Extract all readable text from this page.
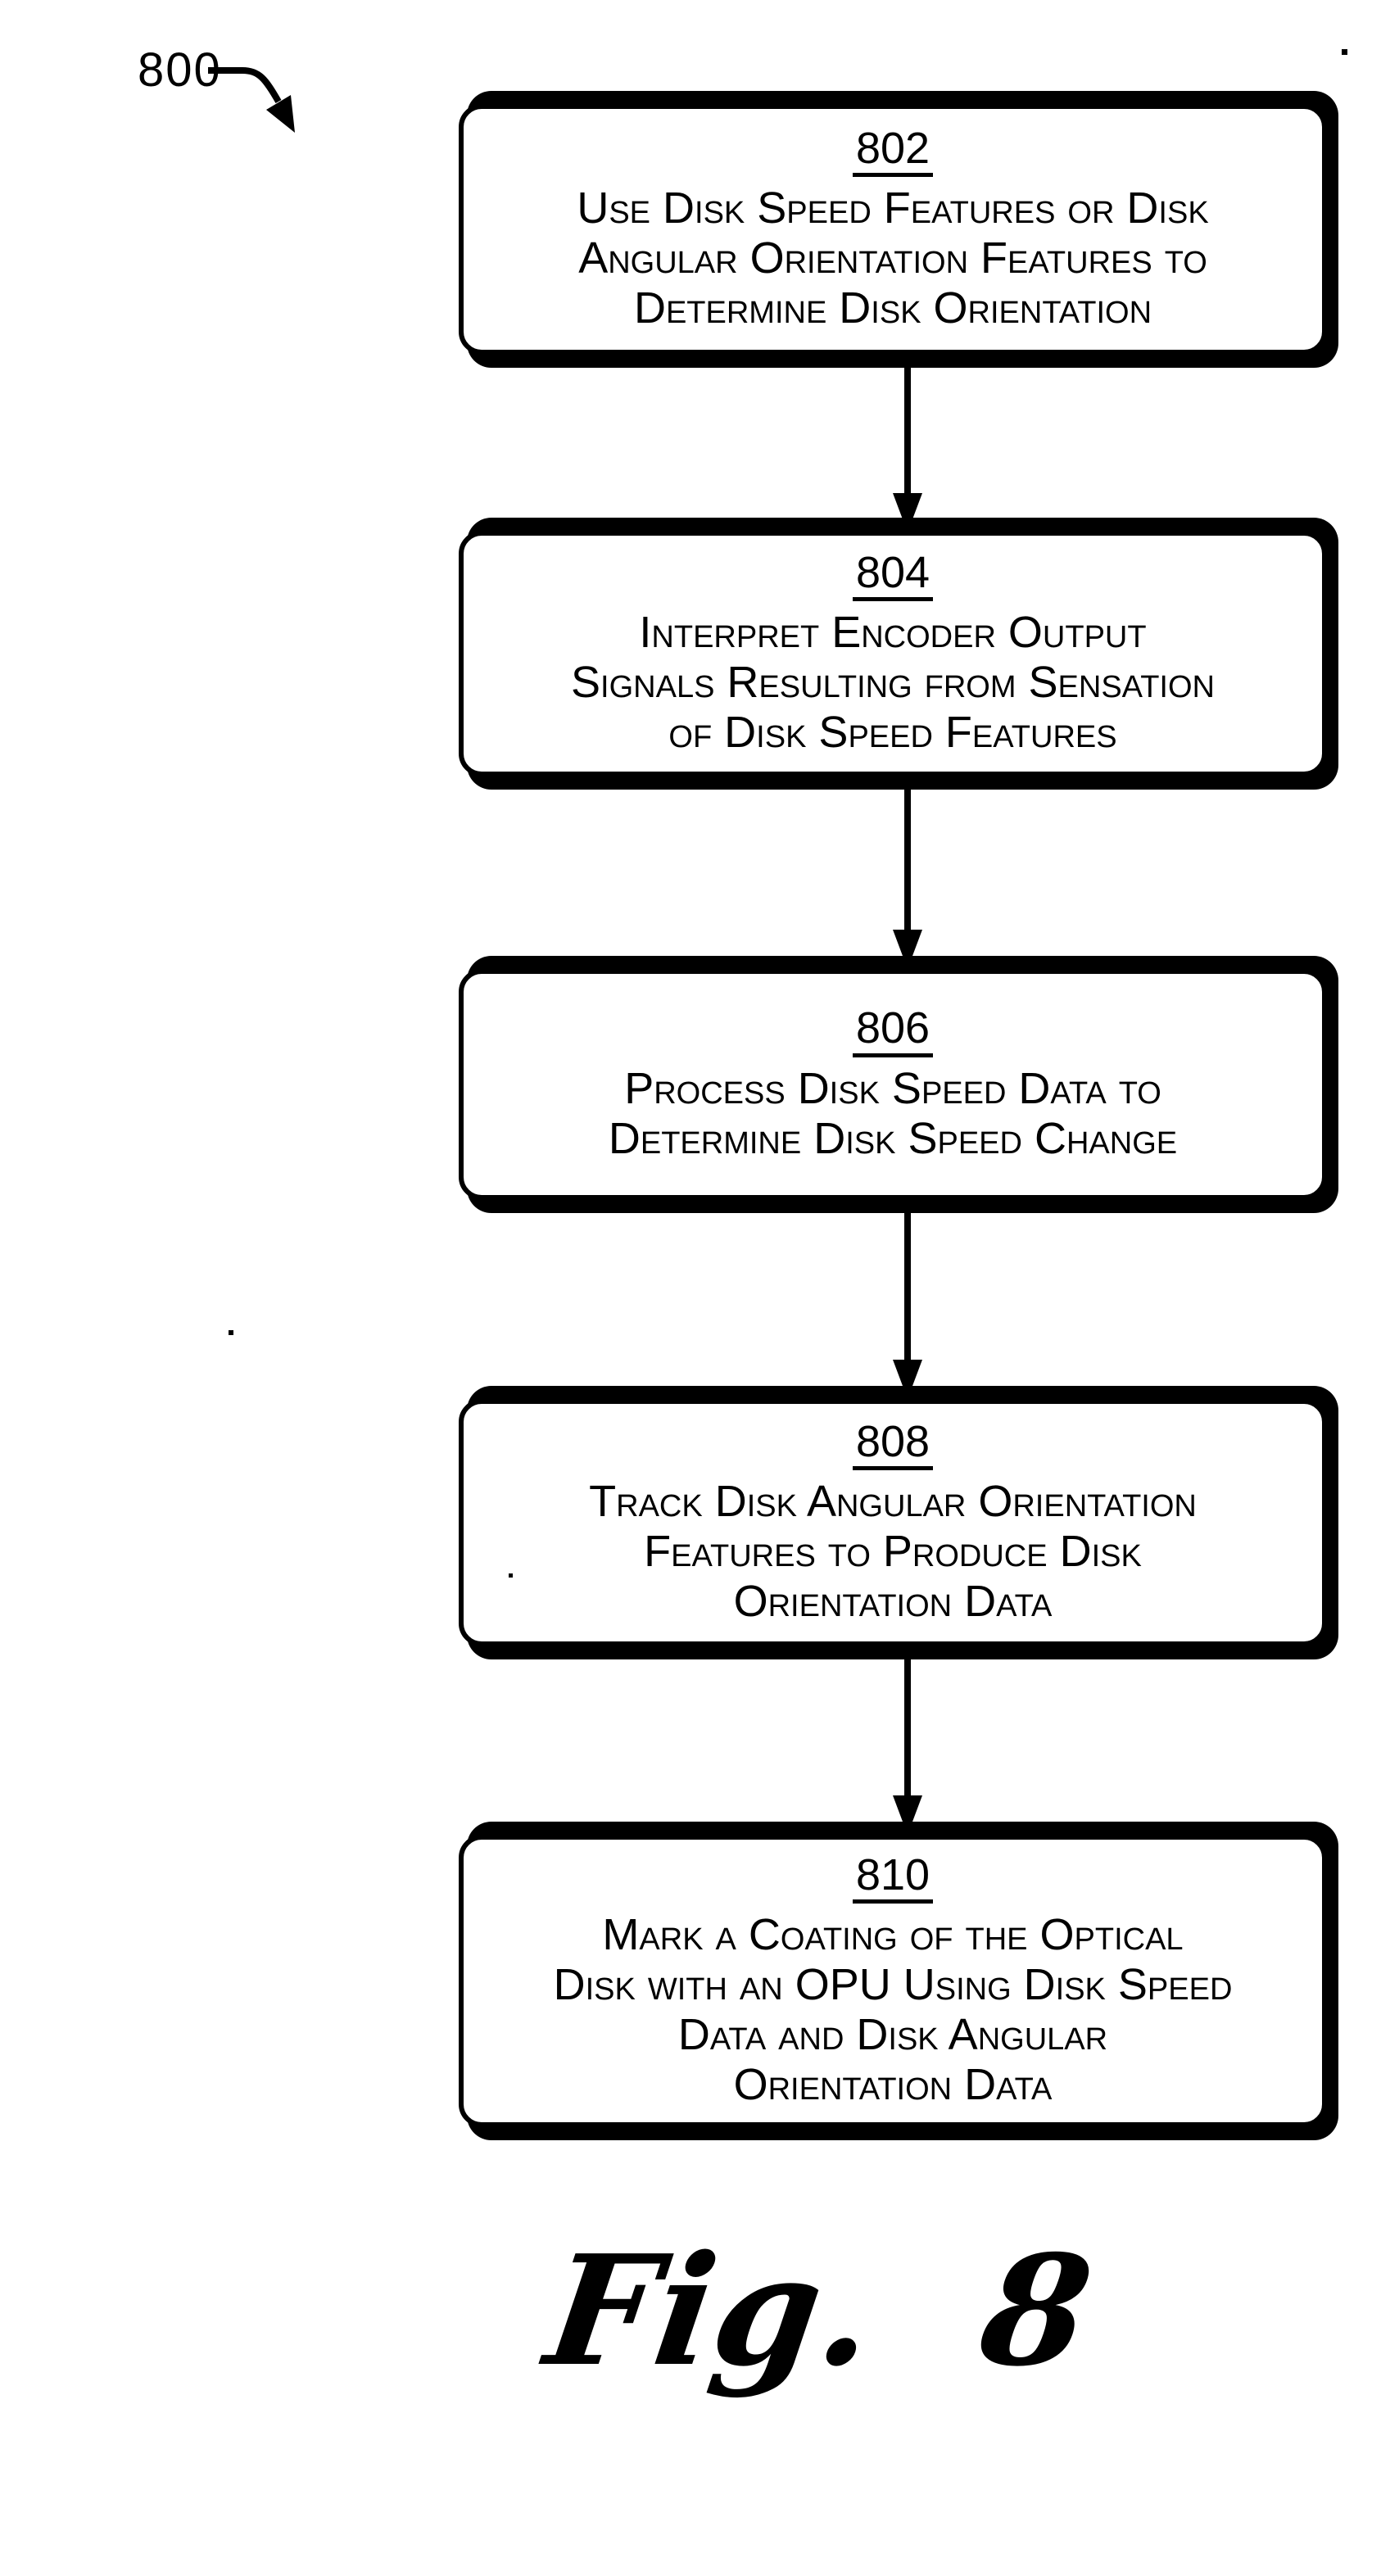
800
802
Use Disk Speed Features or Disk
Angular Orientation Features to
Determine Disk Orientation
804
Interpret Encoder Output
Signals Resulting from Sensation
of Disk Speed Features
806
Process Disk Speed Data to
Determine Disk Speed Change
808
Track Disk Angular Orientation
Features to Produce Disk
Orientation Data
810
Mark a Coating of the Optical
Disk with an OPU Using Disk Speed
Data and Disk Angular
Orientation Data
Fig. 8
